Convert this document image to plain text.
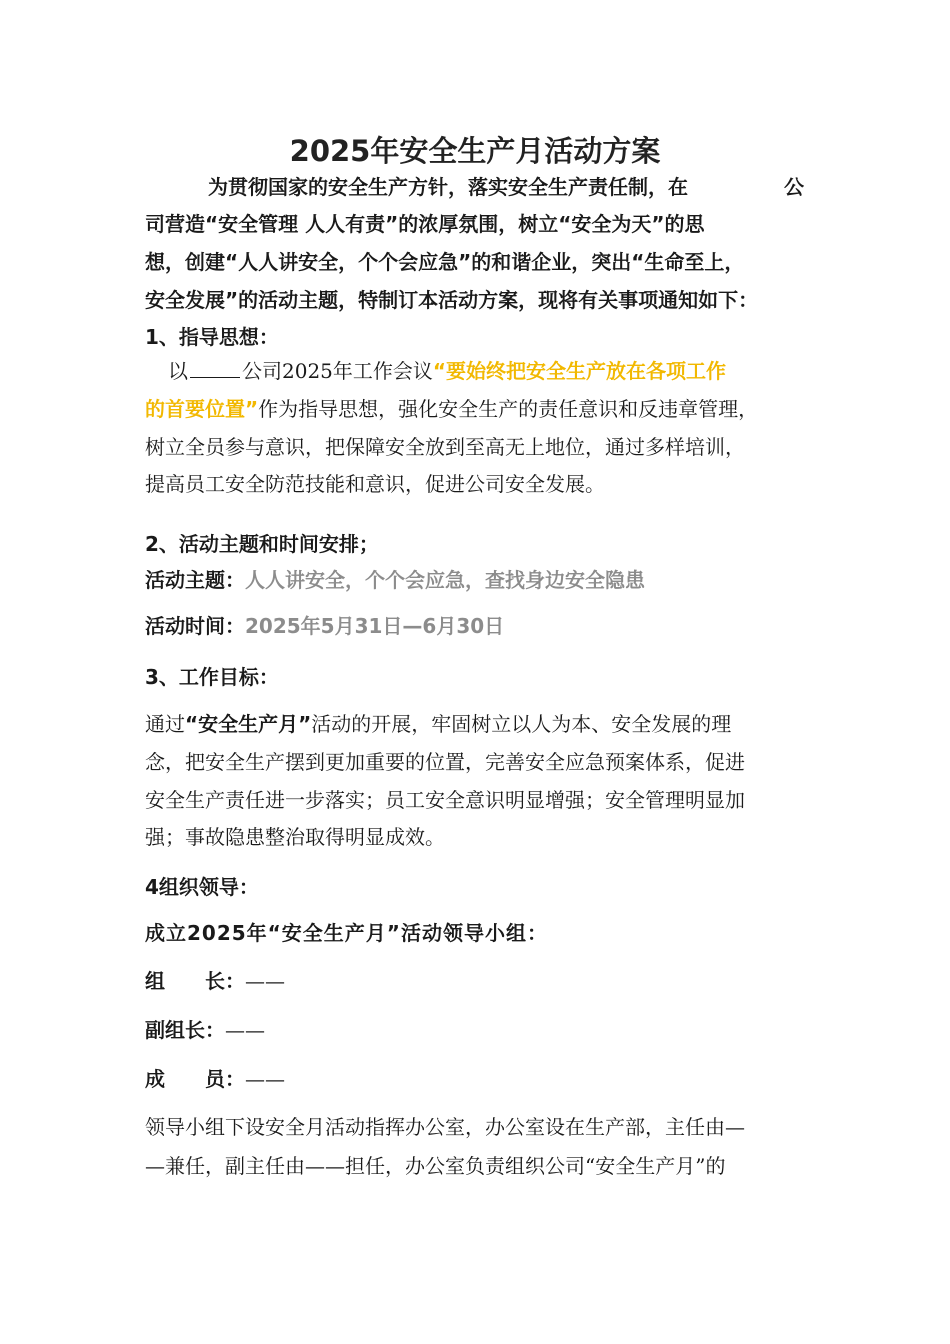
2025年安全生产月活动方案
为贯彻国家的安全生产方针，落实安全生产责任制，在	公
司营造“安全管理 人人有责”的浓厚氛围，树立“安全为天”的思
想，创建“人人讲安全，个个会应急”的和谐企业，突出“生命至上，
安全发展”的活动主题，特制订本活动方案，现将有关事项通知如下：
1、指导思想：
以	公司2025年工作会议“要始终把安全生产放在各项工作
的首要位置”作为指导思想，强化安全生产的责任意识和反违章管理，
树立全员参与意识，把保障安全放到至高无上地位，通过多样培训，
提高员工安全防范技能和意识，促进公司安全发展。
2、活动主题和时间安排；
活动主题：人人讲安全，个个会应急，查找身边安全隐患
活动时间：2025年5月31日—6月30日
3、工作目标：
通过“安全生产月”活动的开展，牢固树立以人为本、安全发展的理
念，把安全生产摆到更加重要的位置，完善安全应急预案体系，促进
安全生产责任进一步落实；员工安全意识明显增强；安全管理明显加
强；事故隐患整治取得明显成效。
4组织领导：
成立2025年“安全生产月”活动领导小组：
组　　长：——
副组长：——
成　　员：——
领导小组下设安全月活动指挥办公室，办公室设在生产部，主任由—
—兼任，副主任由——担任，办公室负责组织公司“安全生产月”的
